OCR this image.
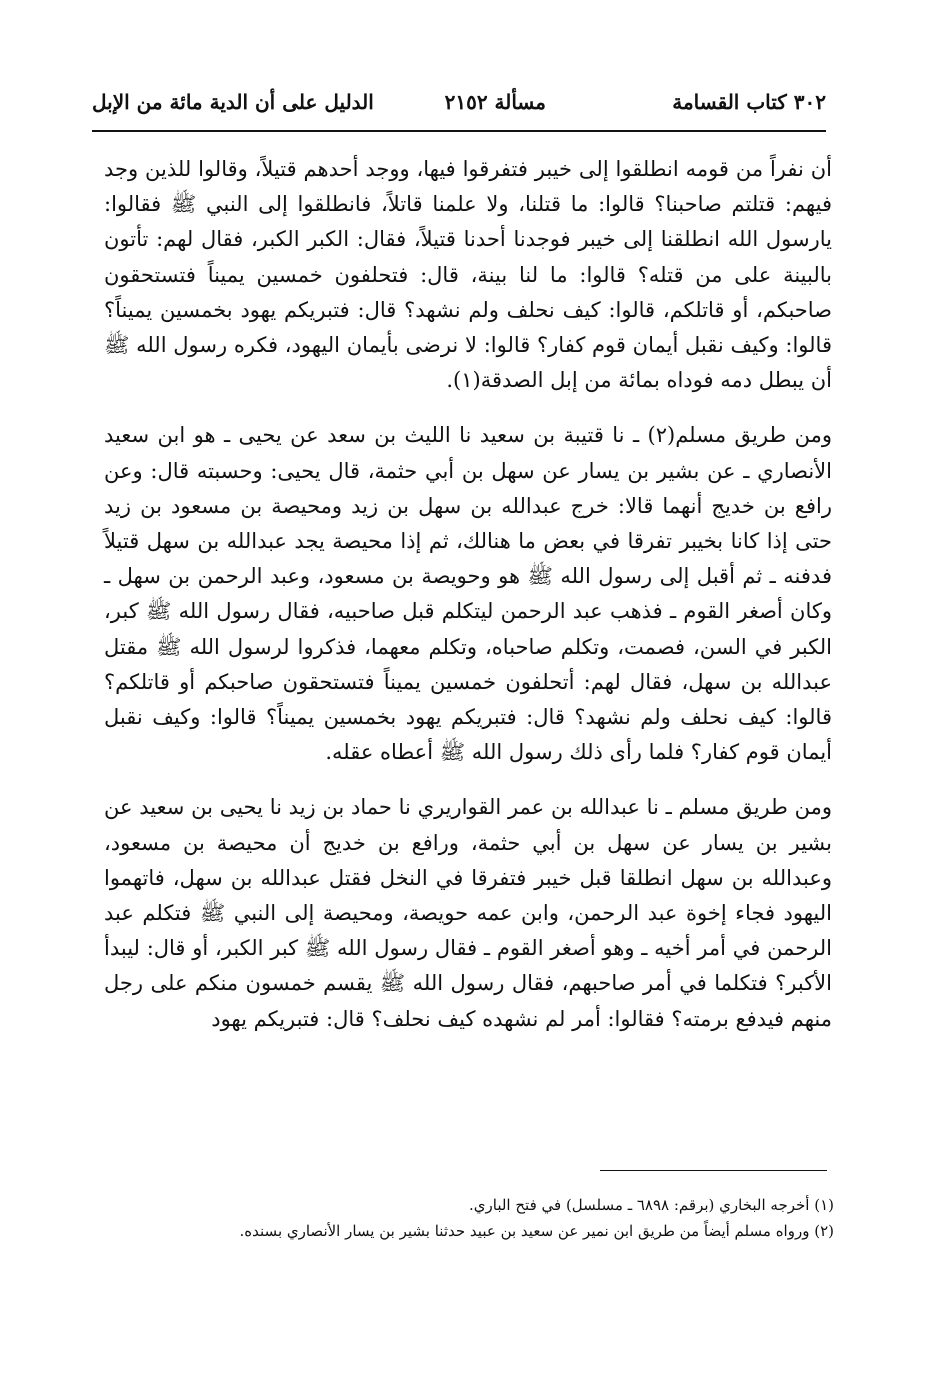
٣٠٢ كتاب القسامة
مسألة ٢١٥٢
الدليل على أن الدية مائة من الإبل

أن نفراً من قومه انطلقوا إلى خيبر فتفرقوا فيها، ووجد أحدهم قتيلاً، وقالوا للذين وجد فيهم: قتلتم صاحبنا؟ قالوا: ما قتلنا، ولا علمنا قاتلاً، فانطلقوا إلى النبي ﷺ فقالوا: يارسول الله انطلقنا إلى خيبر فوجدنا أحدنا قتيلاً، فقال: الكبر الكبر، فقال لهم: تأتون بالبينة على من قتله؟ قالوا: ما لنا بينة، قال: فتحلفون خمسين يميناً فتستحقون صاحبكم، أو قاتلكم، قالوا: كيف نحلف ولم نشهد؟ قال: فتبريكم يهود بخمسين يميناً؟ قالوا: وكيف نقبل أيمان قوم كفار؟ قالوا: لا نرضى بأيمان اليهود، فكره رسول الله ﷺ أن يبطل دمه فوداه بمائة من إبل الصدقة(١).

ومن طريق مسلم(٢) ـ نا قتيبة بن سعيد نا الليث بن سعد عن يحيى ـ هو ابن سعيد الأنصاري ـ عن بشير بن يسار عن سهل بن أبي حثمة، قال يحيى: وحسبته قال: وعن رافع بن خديج أنهما قالا: خرج عبدالله بن سهل بن زيد ومحيصة بن مسعود بن زيد حتى إذا كانا بخيبر تفرقا في بعض ما هنالك، ثم إذا محيصة يجد عبدالله بن سهل قتيلاً فدفنه ـ ثم أقبل إلى رسول الله ﷺ هو وحويصة بن مسعود، وعبد الرحمن بن سهل ـ وكان أصغر القوم ـ فذهب عبد الرحمن ليتكلم قبل صاحبيه، فقال رسول الله ﷺ كبر، الكبر في السن، فصمت، وتكلم صاحباه، وتكلم معهما، فذكروا لرسول الله ﷺ مقتل عبدالله بن سهل، فقال لهم: أتحلفون خمسين يميناً فتستحقون صاحبكم أو قاتلكم؟ قالوا: كيف نحلف ولم نشهد؟ قال: فتبريكم يهود بخمسين يميناً؟ قالوا: وكيف نقبل أيمان قوم كفار؟ فلما رأى ذلك رسول الله ﷺ أعطاه عقله.

ومن طريق مسلم ـ نا عبدالله بن عمر القواريري نا حماد بن زيد نا يحيى بن سعيد عن بشير بن يسار عن سهل بن أبي حثمة، ورافع بن خديج أن محيصة بن مسعود، وعبدالله بن سهل انطلقا قبل خيبر فتفرقا في النخل فقتل عبدالله بن سهل، فاتهموا اليهود فجاء إخوة عبد الرحمن، وابن عمه حويصة، ومحيصة إلى النبي ﷺ فتكلم عبد الرحمن في أمر أخيه ـ وهو أصغر القوم ـ فقال رسول الله ﷺ كبر الكبر، أو قال: ليبدأ الأكبر؟ فتكلما في أمر صاحبهم، فقال رسول الله ﷺ يقسم خمسون منكم على رجل منهم فيدفع برمته؟ فقالوا: أمر لم نشهده كيف نحلف؟ قال: فتبريكم يهود

(١) أخرجه البخاري (برقم: ٦٨٩٨ ـ مسلسل) في فتح الباري.

(٢) ورواه مسلم أيضاً من طريق ابن نمير عن سعيد بن عبيد حدثنا بشير بن يسار الأنصاري بسنده.
